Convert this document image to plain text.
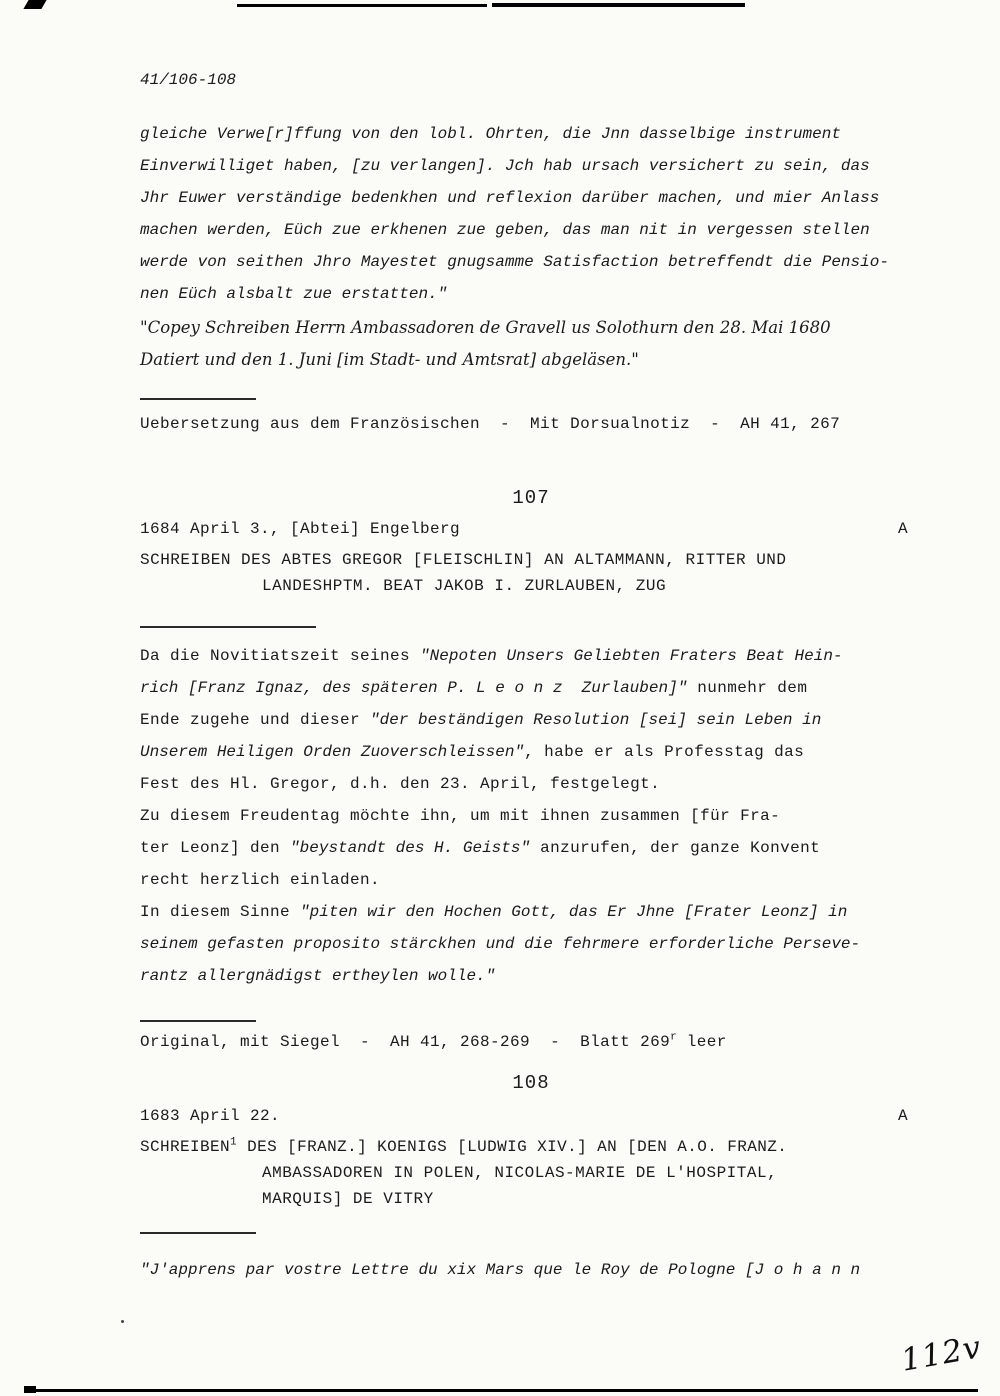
41/106-108
gleiche Verwe[r]ffung von den lobl. Ohrten, die Jnn dasselbige instrument
Einverwilliget haben, [zu verlangen]. Jch hab ursach versichert zu sein, das
Jhr Euwer verständige bedenkhen und reflexion darüber machen, und mier Anlass
machen werden, Eüch zue erkhenen zue geben, das man nit in vergessen stellen
werde von seithen Jhro Mayestet gnugsamme Satisfaction betreffendt die Pensio-
nen Eüch alsbalt zue erstatten."
"Copey Schreiben Herrn Ambassadoren de Gravell us Solothurn den 28. Mai 1680
Datiert und den 1. Juni [im Stadt- und Amtsrat] abgeläsen."
Uebersetzung aus dem Französischen  -  Mit Dorsualnotiz  -  AH 41, 267
107
1684 April 3., [Abtei] Engelberg	A
SCHREIBEN DES ABTES GREGOR [FLEISCHLIN] AN ALTAMMANN, RITTER UND
LANDESHPTM. BEAT JAKOB I. ZURLAUBEN, ZUG
Da die Novitiatszeit seines "Nepoten Unsers Geliebten Fraters Beat Hein-
rich [Franz Ignaz, des späteren P. L e o n z  Zurlauben]" nunmehr dem
Ende zugehe und dieser "der beständigen Resolution [sei] sein Leben in
Unserem Heiligen Orden Zuoverschleissen", habe er als Professtag das
Fest des Hl. Gregor, d.h. den 23. April, festgelegt.
Zu diesem Freudentag möchte ihn, um mit ihnen zusammen [für Fra-
ter Leonz] den "beystandt des H. Geists" anzurufen, der ganze Konvent
recht herzlich einladen.
In diesem Sinne "piten wir den Hochen Gott, das Er Jhne [Frater Leonz] in
seinem gefasten proposito stärckhen und die fehrmere erforderliche Perseve-
rantz allergnädigst ertheylen wolle."
Original, mit Siegel  -  AH 41, 268-269  -  Blatt 269$^r$ leer
108
1683 April 22.	A
SCHREIBEN$^1$ DES [FRANZ.] KOENIGS [LUDWIG XIV.] AN [DEN A.O. FRANZ.
AMBASSADOREN IN POLEN, NICOLAS-MARIE DE L'HOSPITAL,
MARQUIS] DE VITRY
"J'apprens par vostre Lettre du xix Mars que le Roy de Pologne [J o h a n n
112v
